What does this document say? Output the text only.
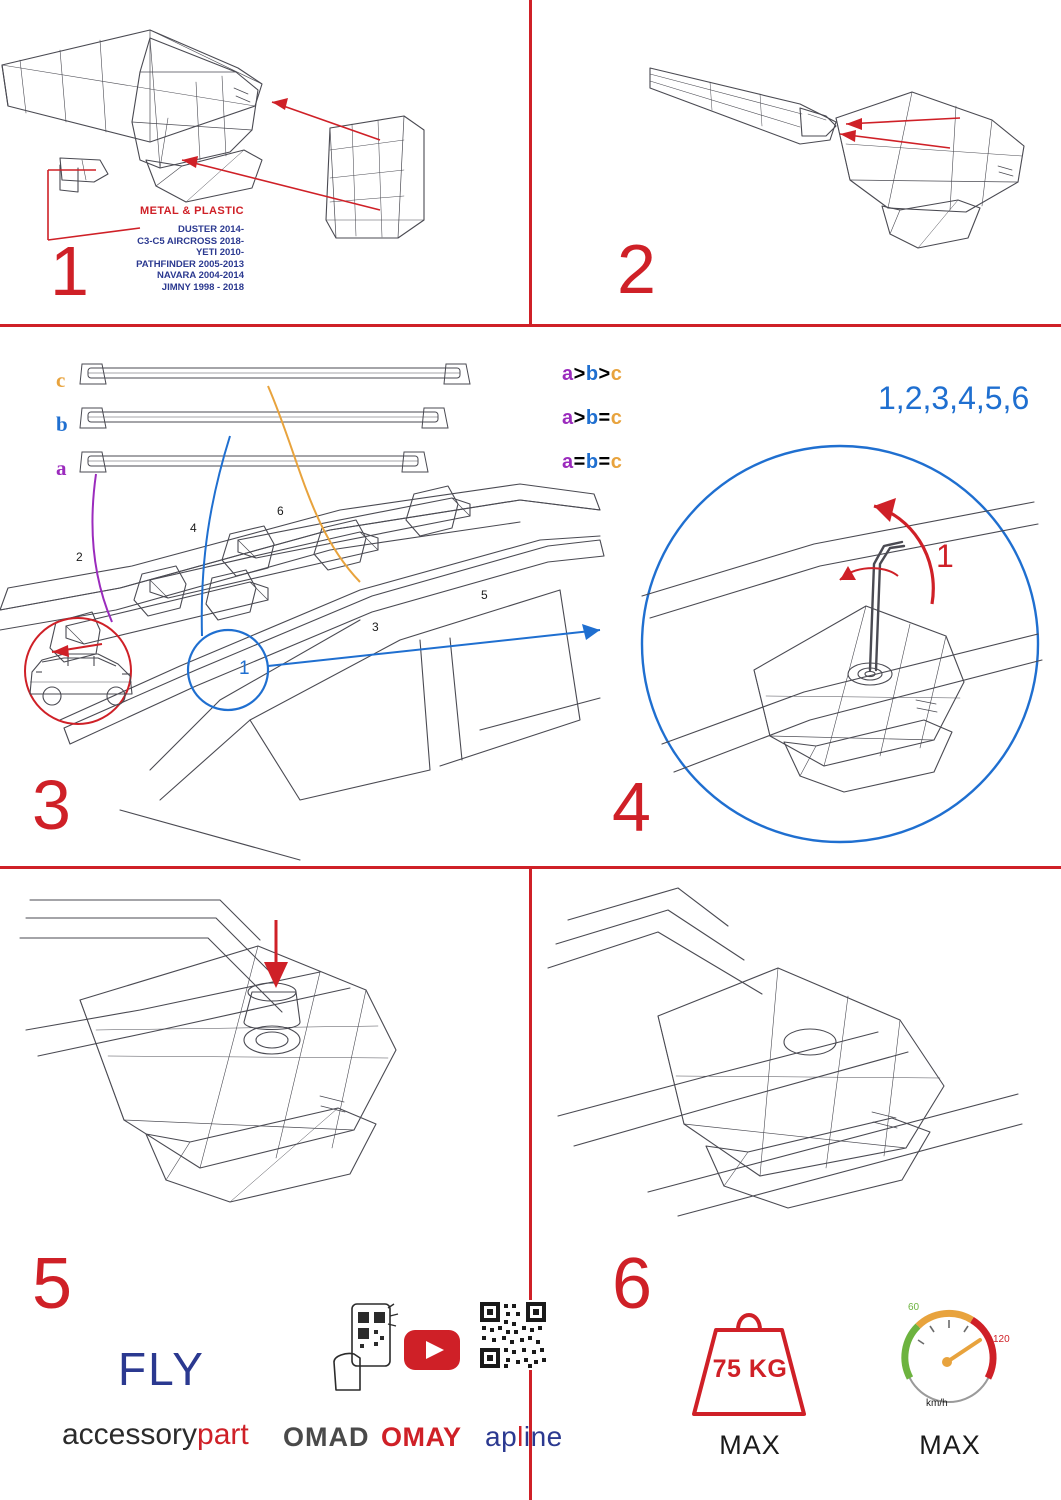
METAL & PLASTIC
DUSTER 2014-
C3-C5 AIRCROSS 2018-
YETI 2010-
PATHFINDER 2005-2013
NAVARA 2004-2014
JIMNY 1998 - 2018
1	2
c
b
a
a>b>c
a>b=c
a=b=c
2
4
6
3
5
1
3
1,2,3,4,5,6
1
4
5	6
FLY
accessorypart OMAD OMAY apline
75 KG
MAX
60
120
km/h
MAX
